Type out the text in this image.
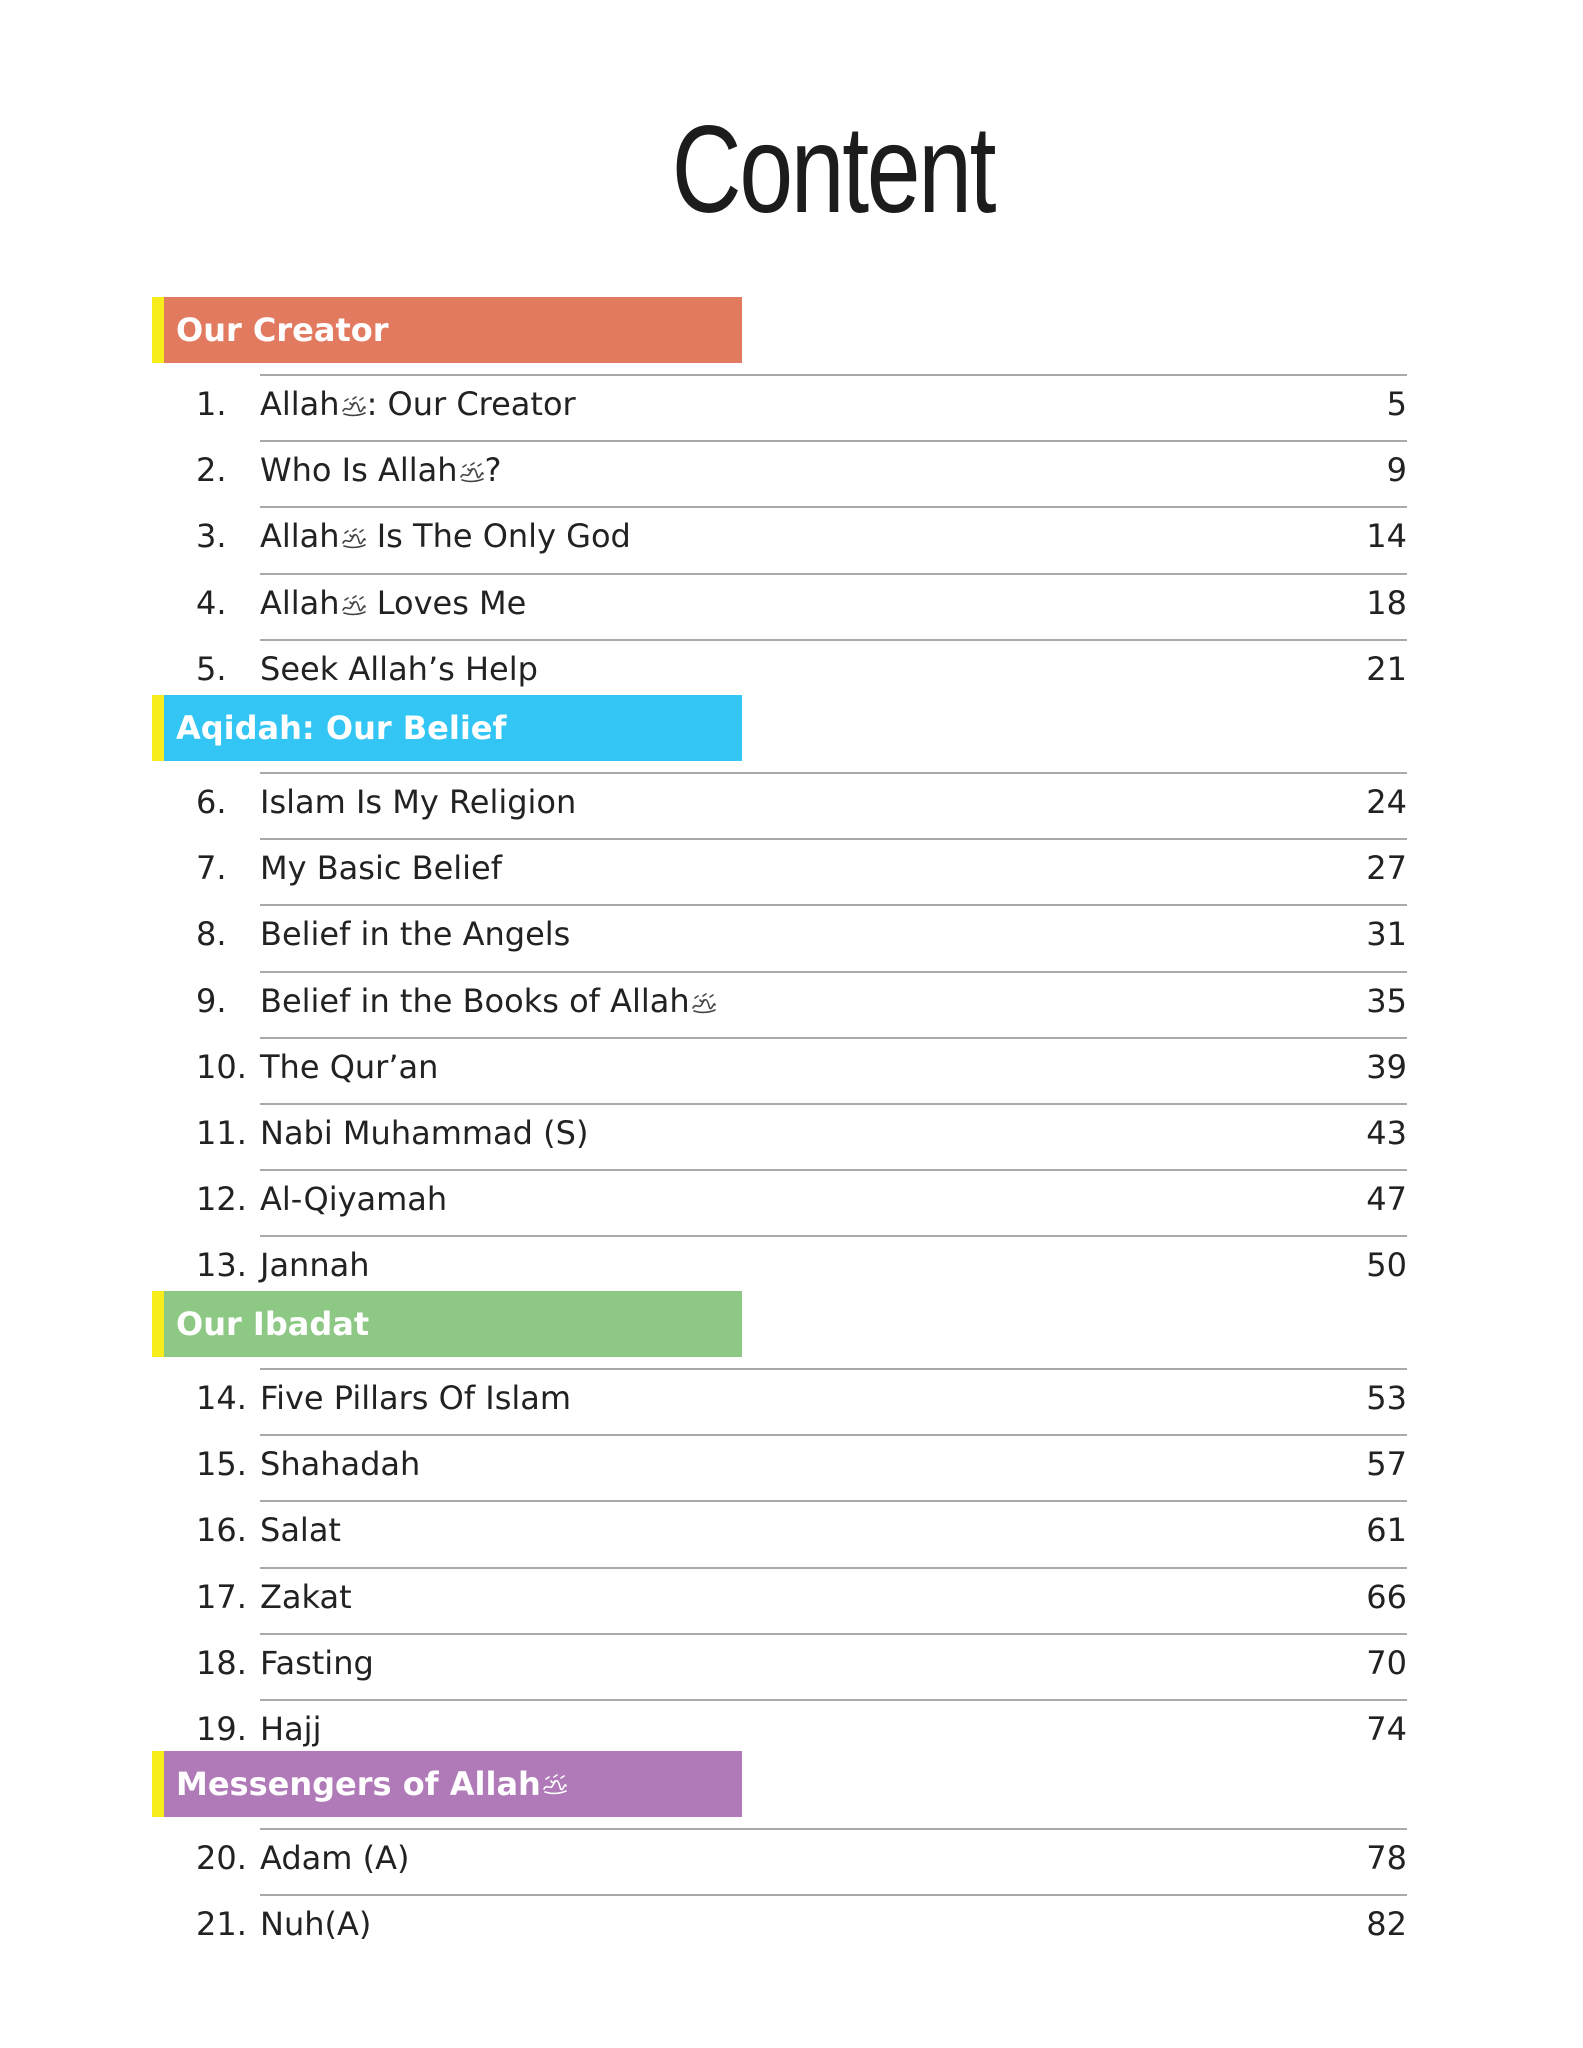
Content
Our Creator
1. Allah : Our Creator	5
2. Who Is Allah ?	9
3. Allah Is The Only God	14
4. Allah Loves Me	18
5. Seek Allah’s Help	21
Aqidah: Our Belief
6. Islam Is My Religion	24
7. My Basic Belief	27
8. Belief in the Angels	31
9. Belief in the Books of Allah	35
10. The Qur’an	39
11. Nabi Muhammad (S)	43
12. Al-Qiyamah	47
13. Jannah	50
Our Ibadat
14. Five Pillars Of Islam	53
15. Shahadah	57
16. Salat	61
17. Zakat	66
18. Fasting	70
19. Hajj	74
Messengers of Allah
20. Adam (A)	78
21. Nuh(A)	82
